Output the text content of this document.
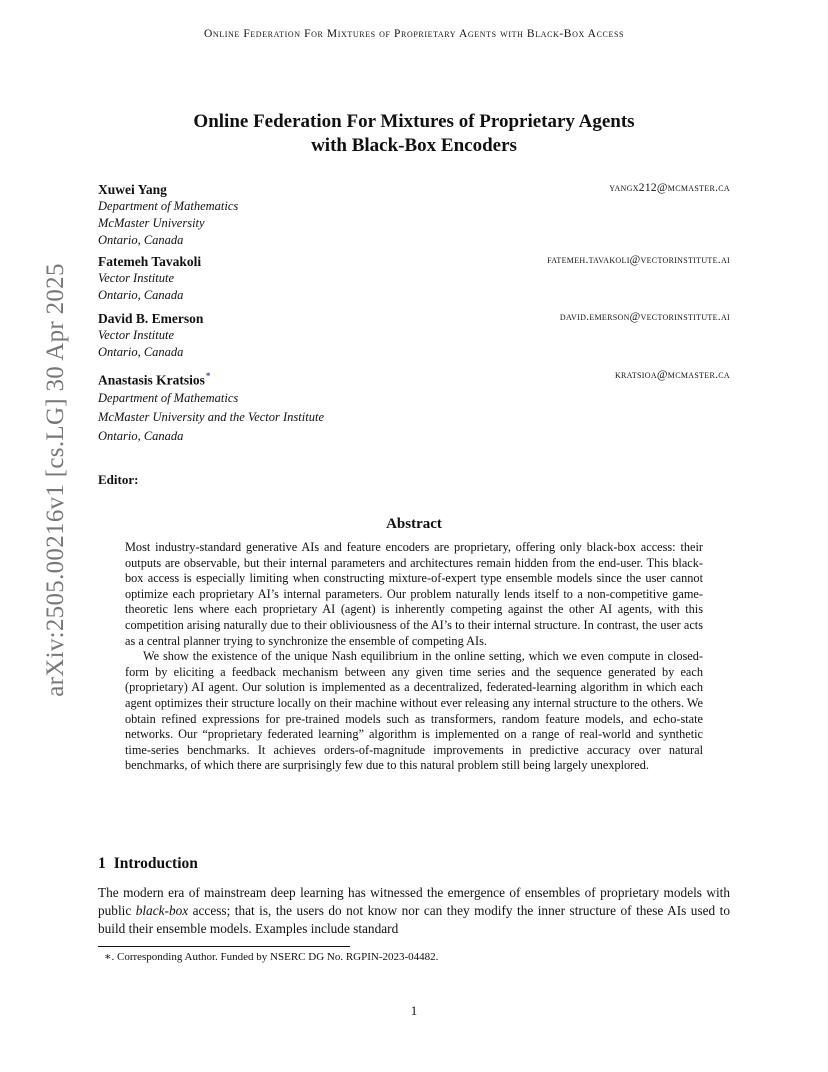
Online Federation For Mixtures of Proprietary Agents with Black-Box Access
arXiv:2505.00216v1 [cs.LG] 30 Apr 2025
Online Federation For Mixtures of Proprietary Agents
with Black-Box Encoders
Xuwei Yang	yangx212@mcmaster.ca
Department of Mathematics
McMaster University
Ontario, Canada
Fatemeh Tavakoli	fatemeh.tavakoli@vectorinstitute.ai
Vector Institute
Ontario, Canada
David B. Emerson	david.emerson@vectorinstitute.ai
Vector Institute
Ontario, Canada
Anastasis Kratsios*	kratsioa@mcmaster.ca
Department of Mathematics
McMaster University and the Vector Institute
Ontario, Canada
Editor:
Abstract

Most industry-standard generative AIs and feature encoders are proprietary, offering only black-box access: their outputs are observable, but their internal parameters and architectures remain hidden from the end-user. This black-box access is especially limiting when constructing mixture-of-expert type ensemble models since the user cannot optimize each proprietary AI’s internal parameters. Our problem naturally lends itself to a non-competitive game-theoretic lens where each proprietary AI (agent) is inherently competing against the other AI agents, with this competition arising naturally due to their obliviousness of the AI’s to their internal structure. In contrast, the user acts as a central planner trying to synchronize the ensemble of competing AIs.

We show the existence of the unique Nash equilibrium in the online setting, which we even compute in closed-form by eliciting a feedback mechanism between any given time series and the sequence generated by each (proprietary) AI agent. Our solution is implemented as a decentralized, federated-learning algorithm in which each agent optimizes their structure locally on their machine without ever releasing any internal structure to the others. We obtain refined expressions for pre-trained models such as transformers, random feature models, and echo-state networks. Our “proprietary federated learning” algorithm is implemented on a range of real-world and synthetic time-series benchmarks. It achieves orders-of-magnitude improvements in predictive accuracy over natural benchmarks, of which there are surprisingly few due to this natural problem still being largely unexplored.

1 Introduction

The modern era of mainstream deep learning has witnessed the emergence of ensembles of proprietary models with public black-box access; that is, the users do not know nor can they modify the inner structure of these AIs used to build their ensemble models. Examples include standard

∗. Corresponding Author. Funded by NSERC DG No. RGPIN-2023-04482.
1
